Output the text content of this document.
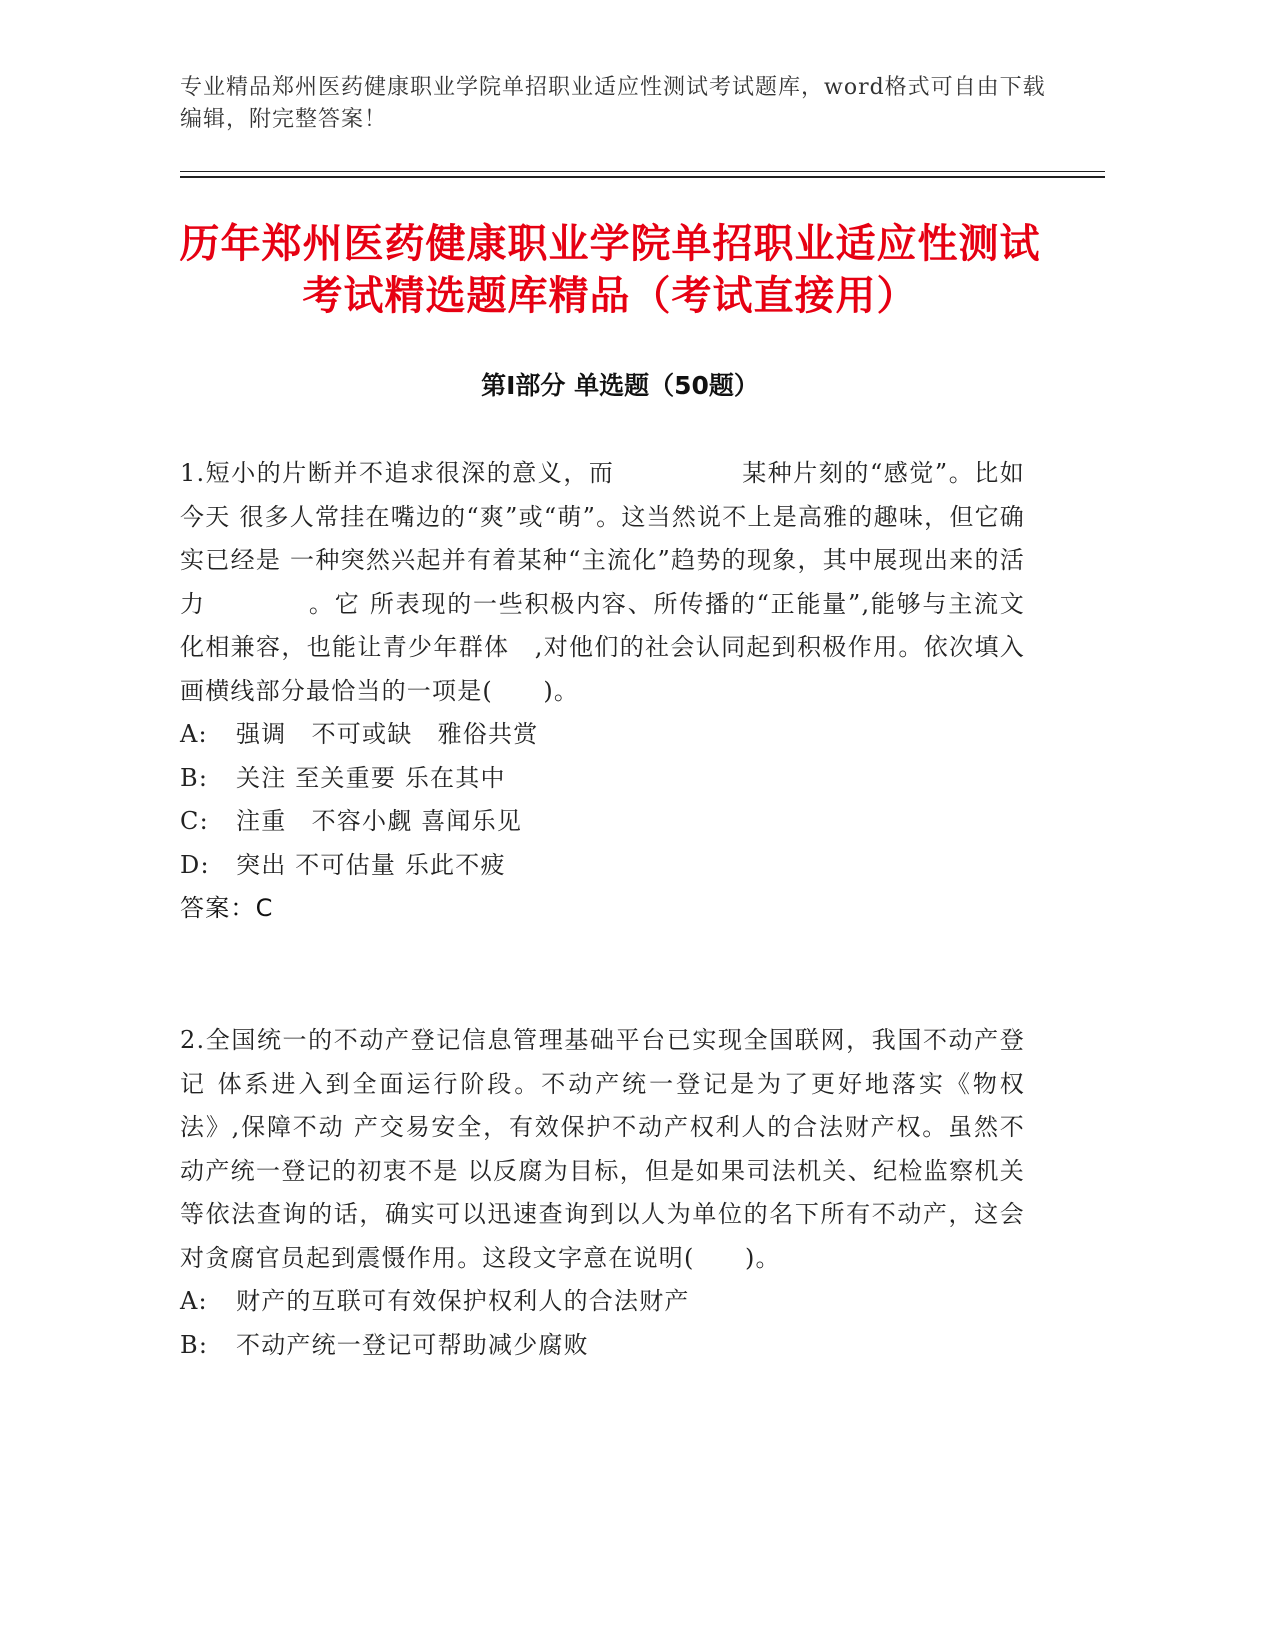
专业精品郑州医药健康职业学院单招职业适应性测试考试题库，word格式可自由下载编辑，附完整答案！
历年郑州医药健康职业学院单招职业适应性测试考试精选题库精品（考试直接用）
第Ⅰ部分 单选题（50题）

1.短小的片断并不追求很深的意义，而　　　　　某种片刻的“感觉”。比如今天 很多人常挂在嘴边的“爽”或“萌”。这当然说不上是高雅的趣味，但它确实已经是 一种突然兴起并有着某种“主流化”趋势的现象，其中展现出来的活力　　　　。它 所表现的一些积极内容、所传播的“正能量”,能够与主流文化相兼容，也能让青少年群体　,对他们的社会认同起到积极作用。依次填入画横线部分最恰当的一项是(　　)。

A:	强调　不可或缺　雅俗共赏
B:	关注 至关重要 乐在其中
C:	注重　不容小觑 喜闻乐见
D:	突出 不可估量 乐此不疲
答案：C

2.全国统一的不动产登记信息管理基础平台已实现全国联网，我国不动产登记 体系进入到全面运行阶段。不动产统一登记是为了更好地落实《物权法》,保障不动 产交易安全，有效保护不动产权利人的合法财产权。虽然不动产统一登记的初衷不是 以反腐为目标，但是如果司法机关、纪检监察机关等依法查询的话，确实可以迅速查询到以人为单位的名下所有不动产，这会对贪腐官员起到震慑作用。这段文字意在说明(　　)。

A:	财产的互联可有效保护权利人的合法财产
B:	不动产统一登记可帮助减少腐败
